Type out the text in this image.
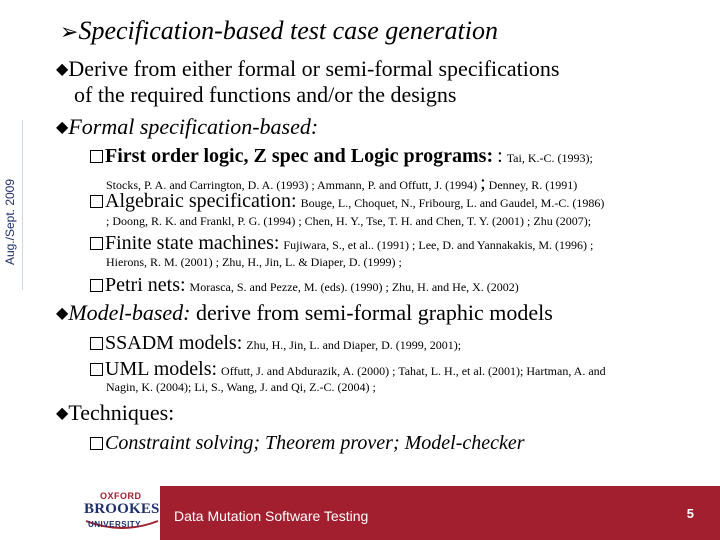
Aug./Sept. 2009
➢Specification-based test case generation
◆Derive from either formal or semi-formal specifications
of the required functions and/or the designs
◆Formal specification-based:
First order logic, Z spec and Logic programs: : Tai, K.-C. (1993);
Stocks, P. A. and Carrington, D. A. (1993) ; Ammann, P. and Offutt, J. (1994) ; Denney, R. (1991)
Algebraic specification: Bouge, L., Choquet, N., Fribourg, L. and Gaudel, M.-C. (1986)
; Doong, R. K. and Frankl, P. G. (1994) ; Chen, H. Y., Tse, T. H. and Chen, T. Y. (2001) ; Zhu (2007);
Finite state machines: Fujiwara, S., et al.. (1991) ; Lee, D. and Yannakakis, M. (1996) ;
Hierons, R. M. (2001) ; Zhu, H., Jin, L. & Diaper, D. (1999) ;
Petri nets: Morasca, S. and Pezze, M. (eds). (1990) ; Zhu, H. and He, X. (2002)
◆Model-based: derive from semi-formal graphic models
SSADM models: Zhu, H., Jin, L. and Diaper, D. (1999, 2001);
UML models: Offutt, J. and Abdurazik, A. (2000) ; Tahat, L. H., et al. (2001); Hartman, A. and
Nagin, K. (2004); Li, S., Wang, J. and Qi, Z.-C. (2004) ;
◆Techniques:
Constraint solving; Theorem prover; Model-checker
Data Mutation Software Testing	5
OXFORD
BROOKES
UNIVERSITY
